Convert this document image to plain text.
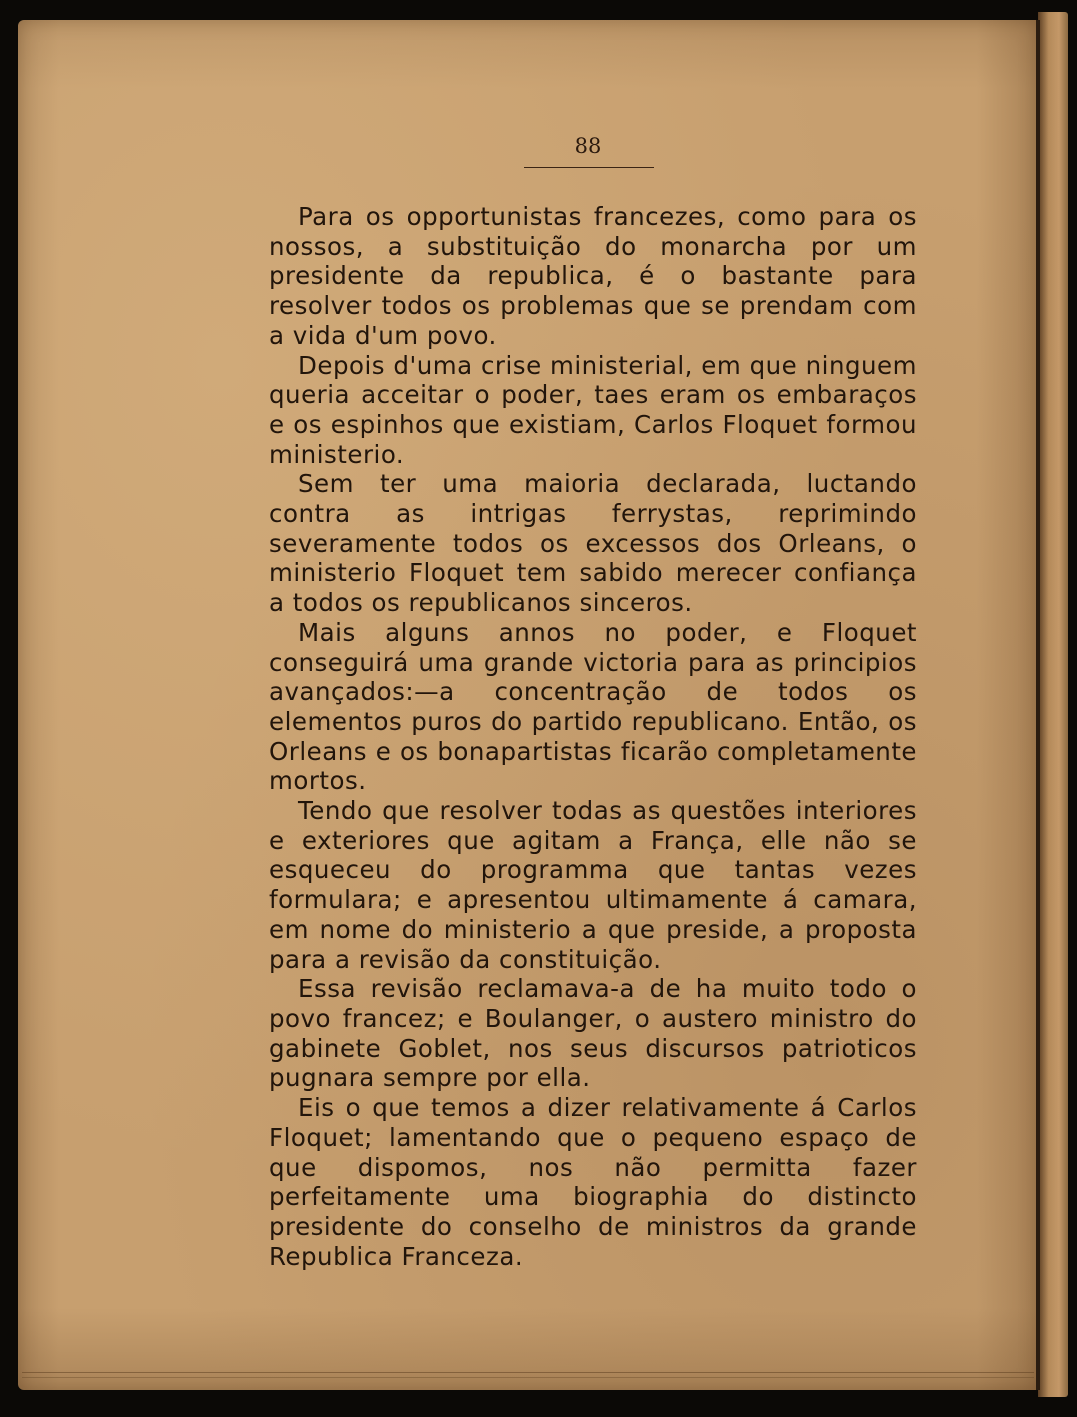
88

Para os opportunistas francezes, como para os nossos, a substituição do monarcha por um presidente da republica, é o bastante para resolver todos os problemas que se prendam com a vida d'um povo.

Depois d'uma crise ministerial, em que ninguem queria acceitar o poder, taes eram os embaraços e os espinhos que existiam, Carlos Floquet formou ministerio.

Sem ter uma maioria declarada, luctando contra as intrigas ferrystas, reprimindo severamente todos os excessos dos Orleans, o ministerio Floquet tem sabido merecer confiança a todos os republicanos sinceros.

Mais alguns annos no poder, e Floquet conseguirá uma grande victoria para as principios avançados:—a concentração de todos os elementos puros do partido republicano. Então, os Orleans e os bonapartistas ficarão completamente mortos.

Tendo que resolver todas as questões interiores e exteriores que agitam a França, elle não se esqueceu do programma que tantas vezes formulara; e apresentou ultimamente á camara, em nome do ministerio a que preside, a proposta para a revisão da constituição.

Essa revisão reclamava-a de ha muito todo o povo francez; e Boulanger, o austero ministro do gabinete Goblet, nos seus discursos patrioticos pugnara sempre por ella.

Eis o que temos a dizer relativamente á Carlos Floquet; lamentando que o pequeno espaço de que dispomos, nos não permitta fazer perfeitamente uma biographia do distincto presidente do conselho de ministros da grande Republica Franceza.
